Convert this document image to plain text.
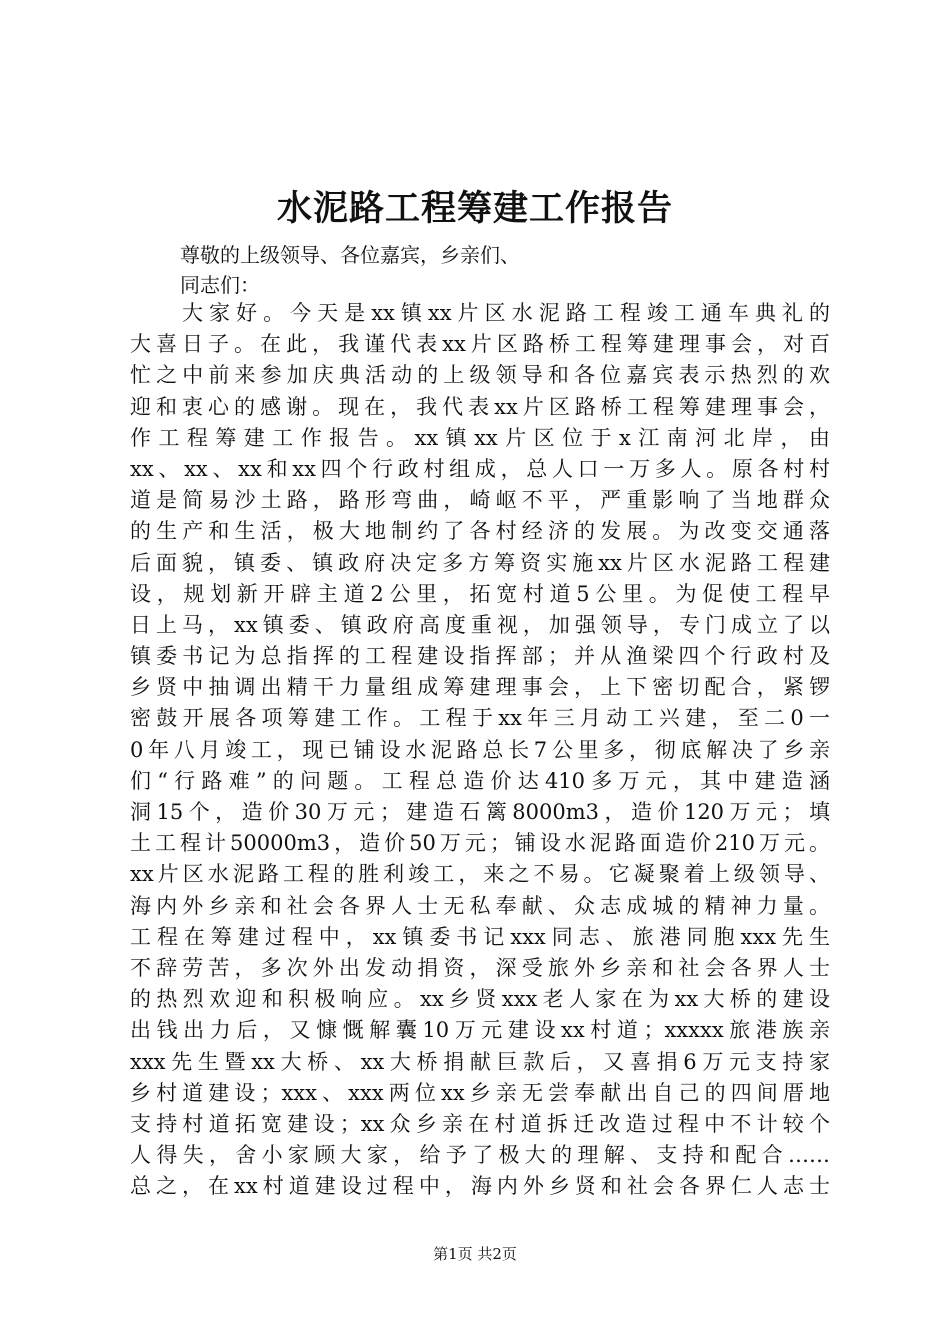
水泥路工程筹建工作报告

尊敬的上级领导、各位嘉宾，乡亲们、

同志们：

大家好。今天是xx镇xx片区水泥路工程竣工通车典礼的
大喜日子。在此，我谨代表xx片区路桥工程筹建理事会，对百
忙之中前来参加庆典活动的上级领导和各位嘉宾表示热烈的欢
迎和衷心的感谢。现在，我代表xx片区路桥工程筹建理事会，
作工程筹建工作报告。xx镇xx片区位于x江南河北岸，由
xx、xx、xx和xx四个行政村组成，总人口一万多人。原各村村
道是简易沙土路，路形弯曲，崎岖不平，严重影响了当地群众
的生产和生活，极大地制约了各村经济的发展。为改变交通落
后面貌，镇委、镇政府决定多方筹资实施xx片区水泥路工程建
设，规划新开辟主道2公里，拓宽村道5公里。为促使工程早
日上马，xx镇委、镇政府高度重视，加强领导，专门成立了以
镇委书记为总指挥的工程建设指挥部；并从渔梁四个行政村及
乡贤中抽调出精干力量组成筹建理事会，上下密切配合，紧锣
密鼓开展各项筹建工作。工程于xx年三月动工兴建，至二0一
0年八月竣工，现已铺设水泥路总长7公里多，彻底解决了乡亲
们“行路难”的问题。工程总造价达410多万元，其中建造涵
洞15个，造价30万元；建造石篱8000m3，造价120万元；填
土工程计50000m3，造价50万元；铺设水泥路面造价210万元。
xx片区水泥路工程的胜利竣工，来之不易。它凝聚着上级领导、
海内外乡亲和社会各界人士无私奉献、众志成城的精神力量。
工程在筹建过程中，xx镇委书记xxx同志、旅港同胞xxx先生
不辞劳苦，多次外出发动捐资，深受旅外乡亲和社会各界人士
的热烈欢迎和积极响应。xx乡贤xxx老人家在为xx大桥的建设
出钱出力后，又慷慨解囊10万元建设xx村道；xxxxx旅港族亲
xxx先生暨xx大桥、xx大桥捐献巨款后，又喜捐6万元支持家
乡村道建设；xxx、xxx两位xx乡亲无尝奉献出自己的四间厝地
支持村道拓宽建设；xx众乡亲在村道拆迁改造过程中不计较个
人得失，舍小家顾大家，给予了极大的理解、支持和配合……
总之，在xx村道建设过程中，海内外乡贤和社会各界仁人志士

第1页 共2页
